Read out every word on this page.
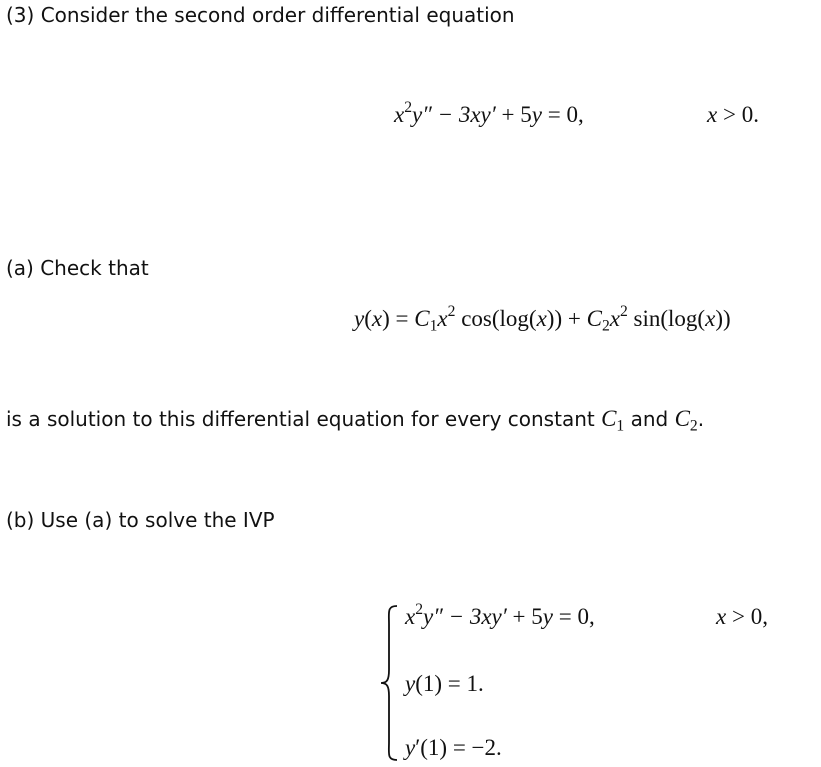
(3) Consider the second order differential equation
$x^2y'' - 3xy' + 5y = 0$,	x > 0.
(a) Check that
$y(x) = C_1x^2$ $\cos(\log(x)) + C_2x^2$ sin(log(x))
is a solution to this differential equation for every constant $C_1$ and $C_2$.
(b) Use (a) to solve the IVP
$x^2y'' - 3xy' + 5y = 0$,	x > 0,
y(1) = 1.
y′(1) = −2.
